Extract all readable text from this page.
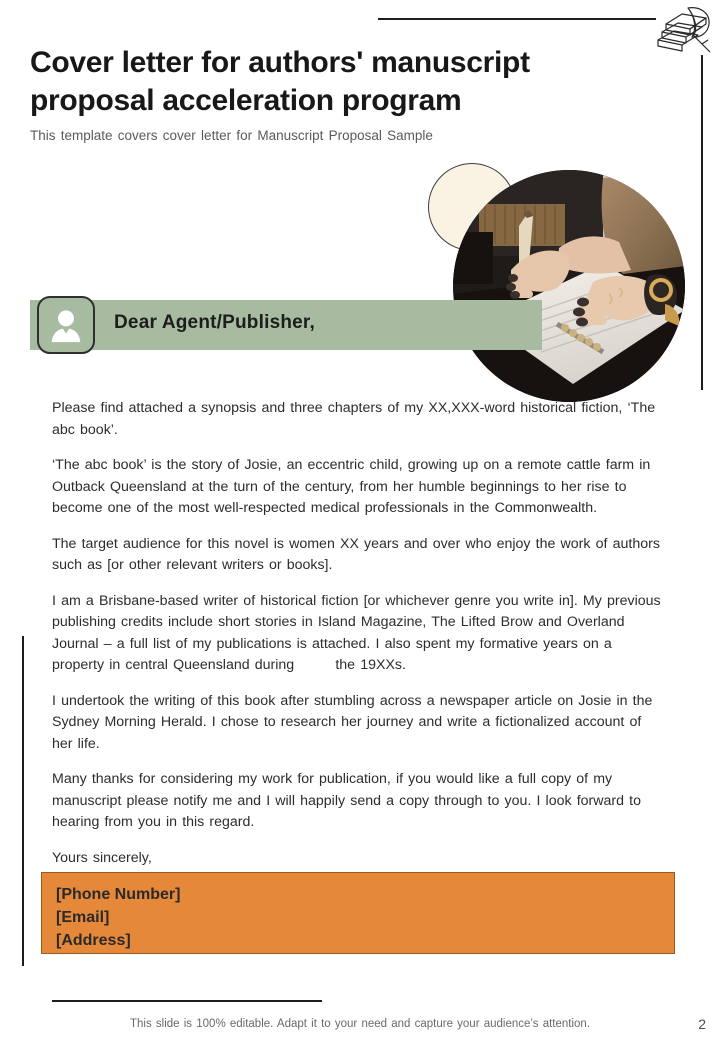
Cover letter for authors' manuscript proposal acceleration program

This template covers cover letter for Manuscript Proposal Sample

Dear Agent/Publisher,

Please find attached a synopsis and three chapters of my XX,XXX-word historical fiction, ‘The abc book’.

‘The abc book’ is the story of Josie, an eccentric child, growing up on a remote cattle farm in Outback Queensland at the turn of the century, from her humble beginnings to her rise to become one of the most well-respected medical professionals in the Commonwealth.

The target audience for this novel is women XX years and over who enjoy the work of authors such as [or other relevant writers or books].

I am a Brisbane-based writer of historical fiction [or whichever genre you write in]. My previous publishing credits include short stories in Island Magazine, The Lifted Brow and Overland Journal – a full list of my publications is attached. I also spent my formative years on a property in central Queensland during	the 19XXs.

I undertook the writing of this book after stumbling across a newspaper article on Josie in the Sydney Morning Herald. I chose to research her journey and write a fictionalized account of her life.

Many thanks for considering my work for publication, if you would like a full copy of my manuscript please notify me and I will happily send a copy through to you. I look forward to hearing from you in this regard.

Yours sincerely,

[Phone Number]
[Email]
[Address]
This slide is 100% editable. Adapt it to your need and capture your audience’s attention.	2
